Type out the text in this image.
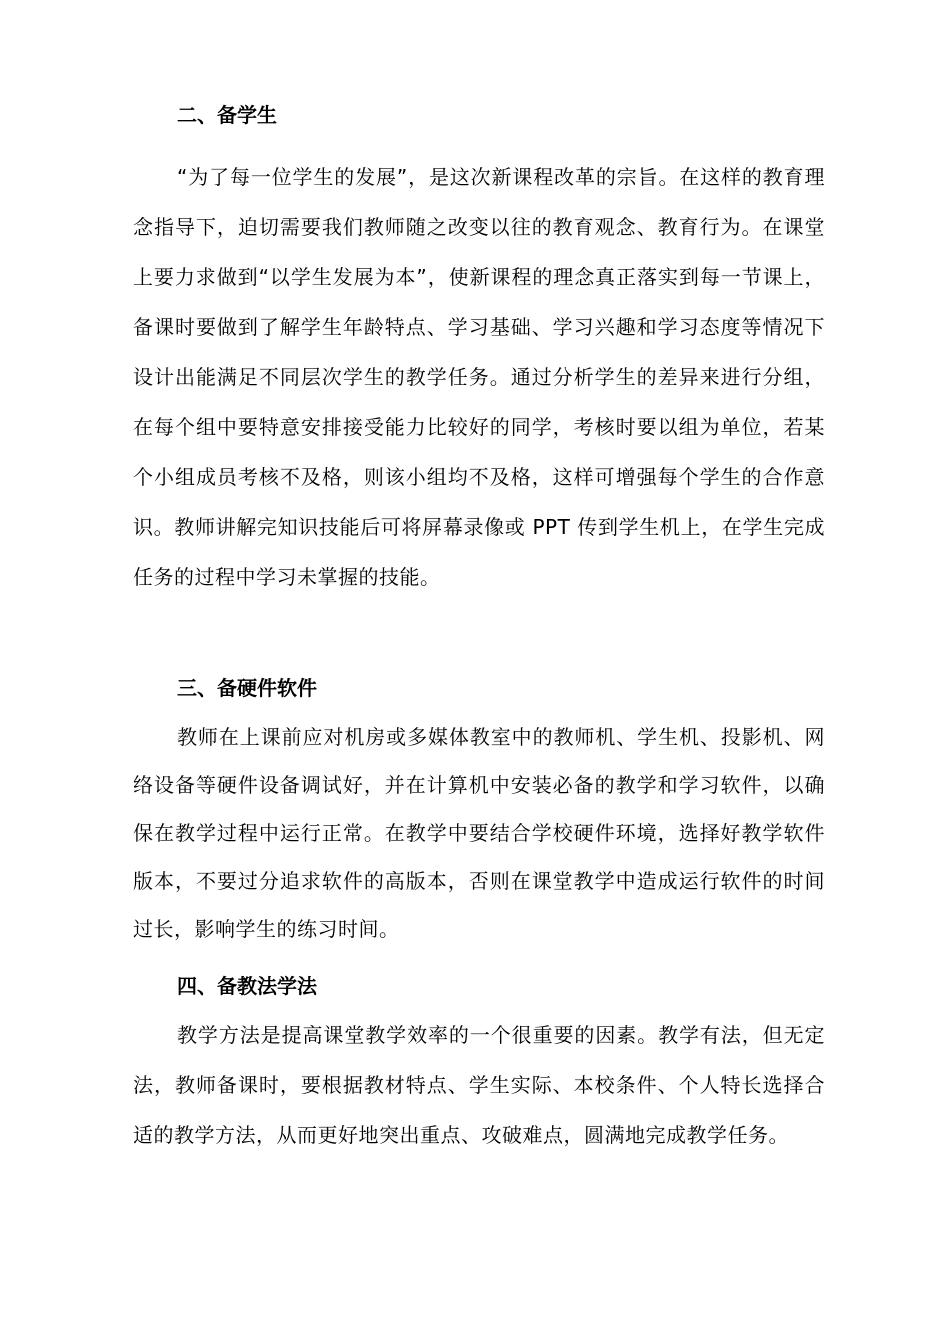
二、备学生

“为了每一位学生的发展”，是这次新课程改革的宗旨。在这样的教育理念指导下，迫切需要我们教师随之改变以往的教育观念、教育行为。在课堂上要力求做到“以学生发展为本”，使新课程的理念真正落实到每一节课上，备课时要做到了解学生年龄特点、学习基础、学习兴趣和学习态度等情况下设计出能满足不同层次学生的教学任务。通过分析学生的差异来进行分组，在每个组中要特意安排接受能力比较好的同学，考核时要以组为单位，若某个小组成员考核不及格，则该小组均不及格，这样可增强每个学生的合作意识。教师讲解完知识技能后可将屏幕录像或 PPT 传到学生机上，在学生完成任务的过程中学习未掌握的技能。

三、备硬件软件

教师在上课前应对机房或多媒体教室中的教师机、学生机、投影机、网络设备等硬件设备调试好，并在计算机中安装必备的教学和学习软件，以确保在教学过程中运行正常。在教学中要结合学校硬件环境，选择好教学软件版本，不要过分追求软件的高版本，否则在课堂教学中造成运行软件的时间过长，影响学生的练习时间。

四、备教法学法

教学方法是提高课堂教学效率的一个很重要的因素。教学有法，但无定法，教师备课时，要根据教材特点、学生实际、本校条件、个人特长选择合适的教学方法，从而更好地突出重点、攻破难点，圆满地完成教学任务。
